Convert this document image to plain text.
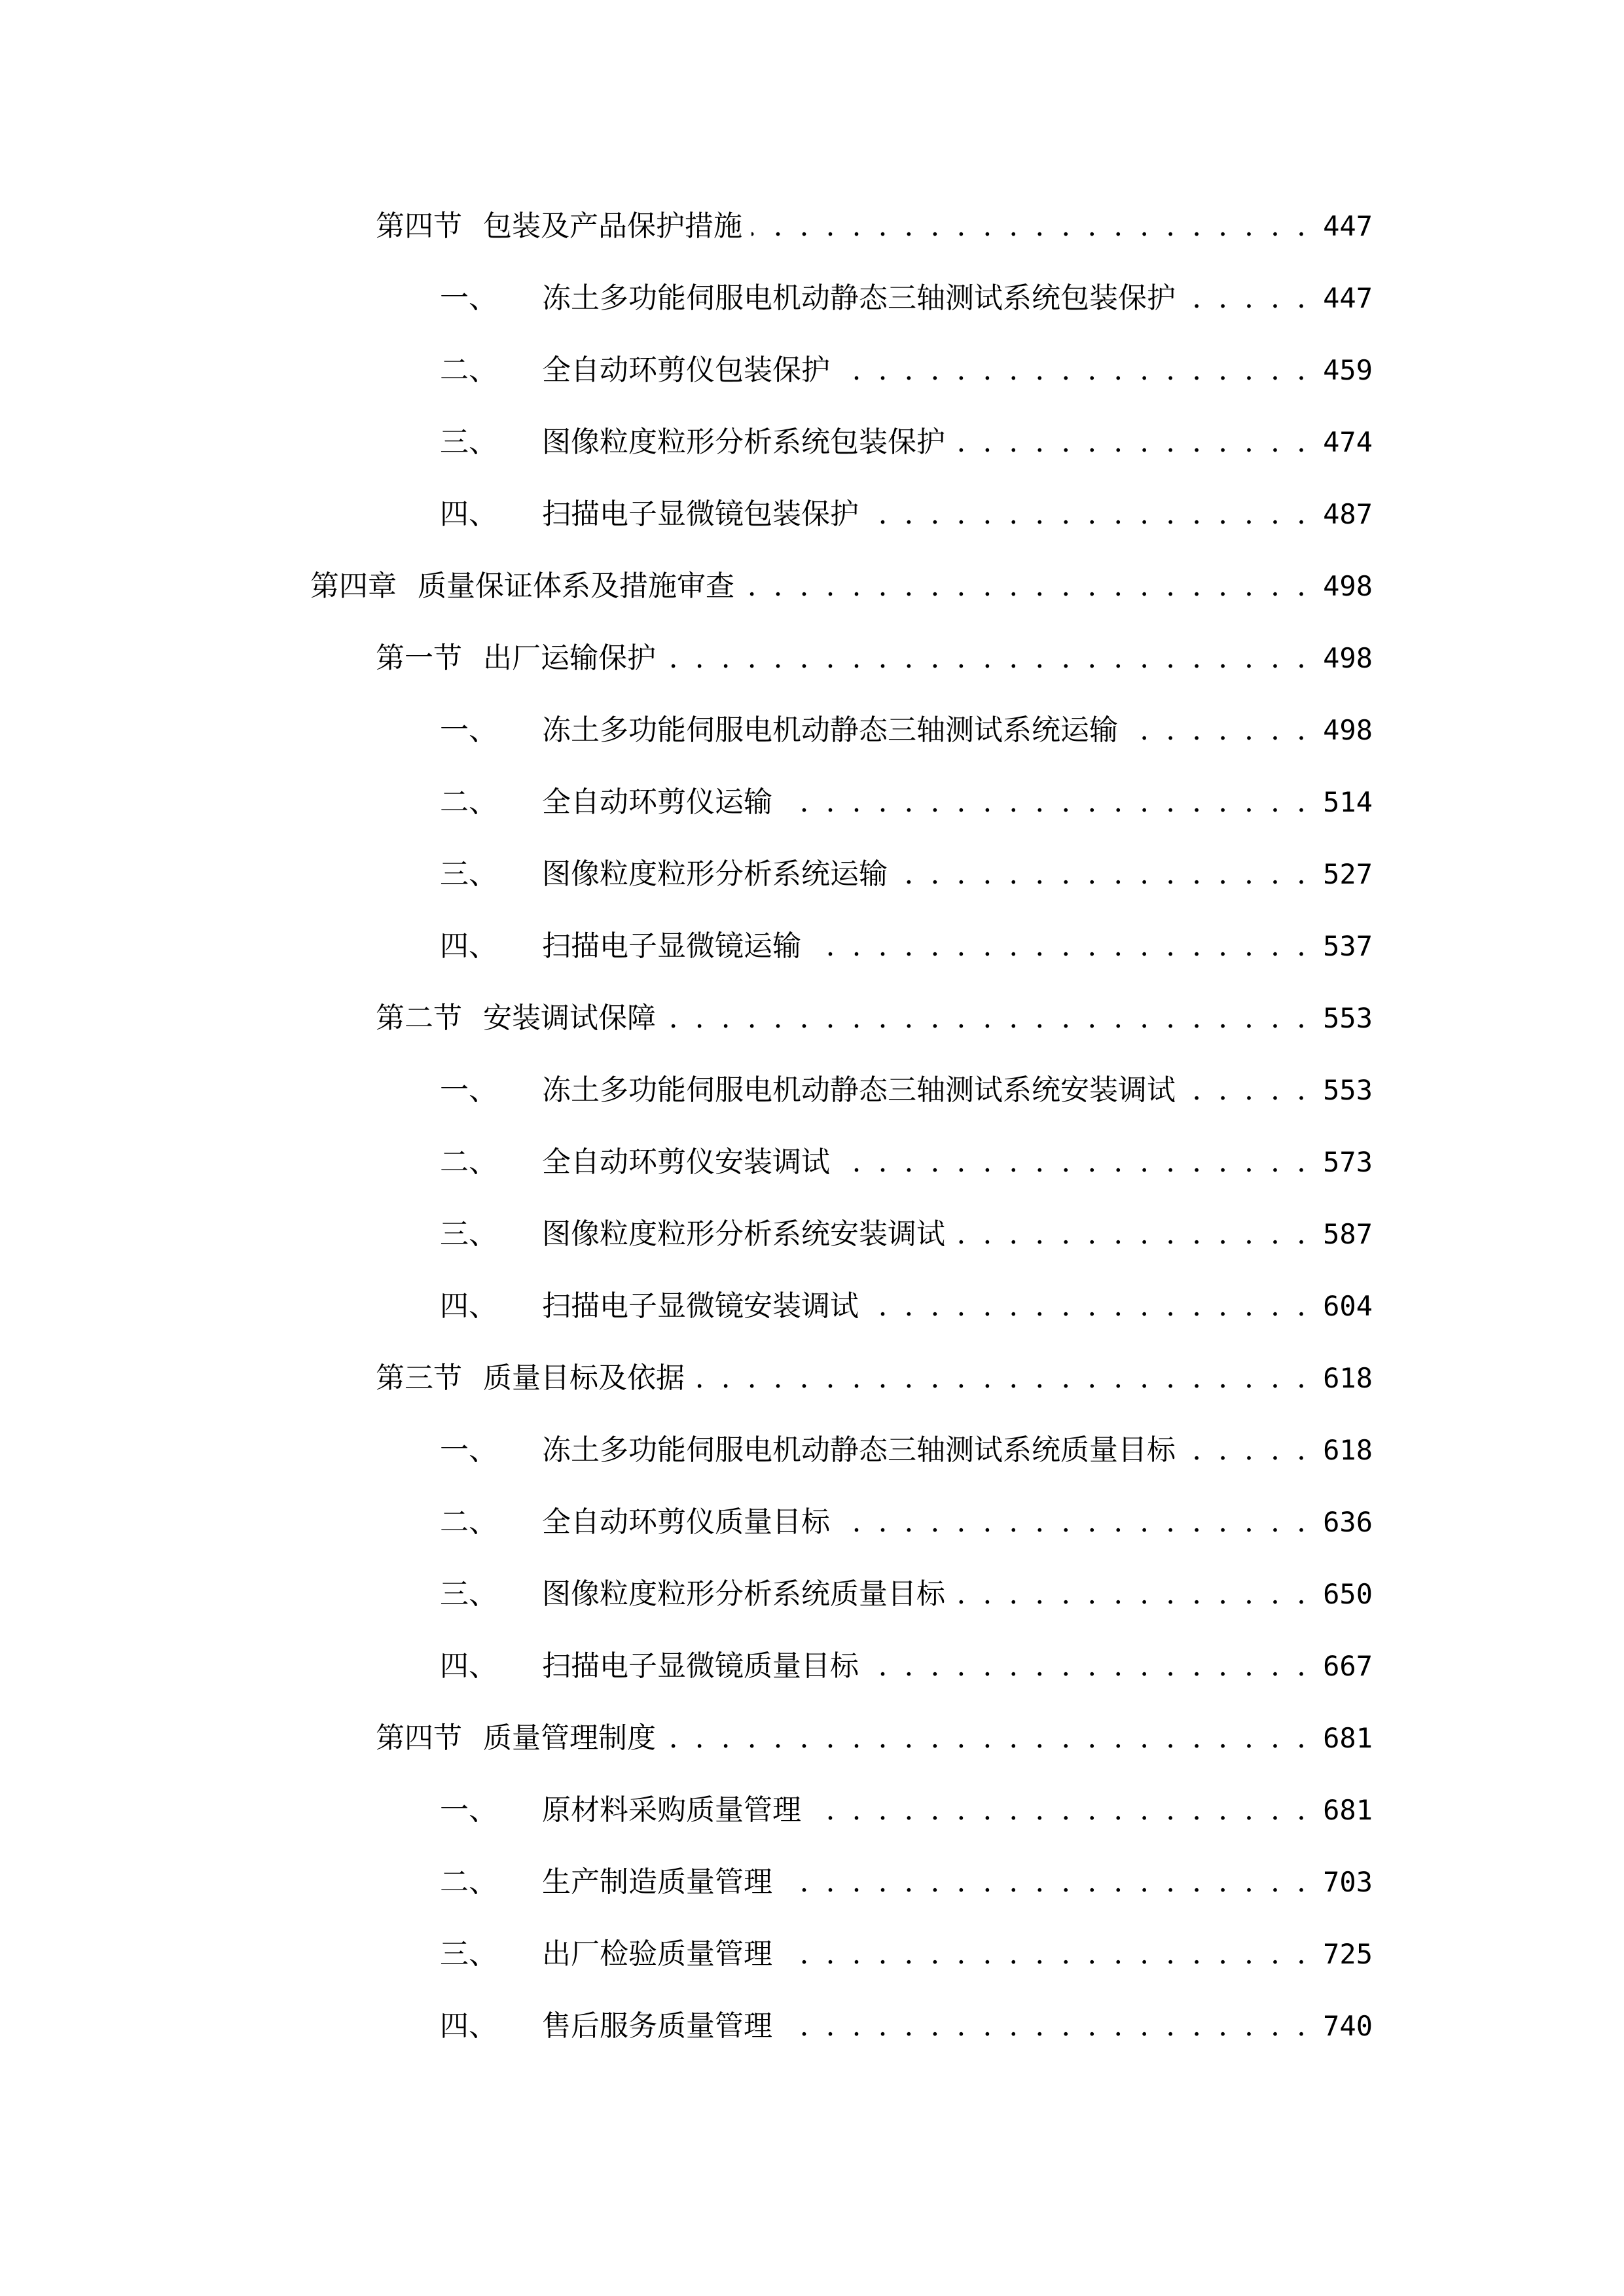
第四节 包装及产品保护措施 . . .	447
一、 冻土多功能伺服电机动静态三轴测试系统包装保护 . . .	447
二、 全自动环剪仪包装保护 . . .	459
三、 图像粒度粒形分析系统包装保护 . . .	474
四、 扫描电子显微镜包装保护 . . .	487
第四章 质量保证体系及措施审查 . . .	498
第一节 出厂运输保护 . . .	498
一、 冻土多功能伺服电机动静态三轴测试系统运输 . . .	498
二、 全自动环剪仪运输 . . .	514
三、 图像粒度粒形分析系统运输 . . .	527
四、 扫描电子显微镜运输 . . .	537
第二节 安装调试保障 . . .	553
一、 冻土多功能伺服电机动静态三轴测试系统安装调试 . . .	553
二、 全自动环剪仪安装调试 . . .	573
三、 图像粒度粒形分析系统安装调试 . . .	587
四、 扫描电子显微镜安装调试 . . .	604
第三节 质量目标及依据 . . .	618
一、 冻土多功能伺服电机动静态三轴测试系统质量目标 . . .	618
二、 全自动环剪仪质量目标 . . .	636
三、 图像粒度粒形分析系统质量目标 . . .	650
四、 扫描电子显微镜质量目标 . . .	667
第四节 质量管理制度 . . .	681
一、 原材料采购质量管理 . . .	681
二、 生产制造质量管理 . . .	703
三、 出厂检验质量管理 . . .	725
四、 售后服务质量管理 . . .	740
